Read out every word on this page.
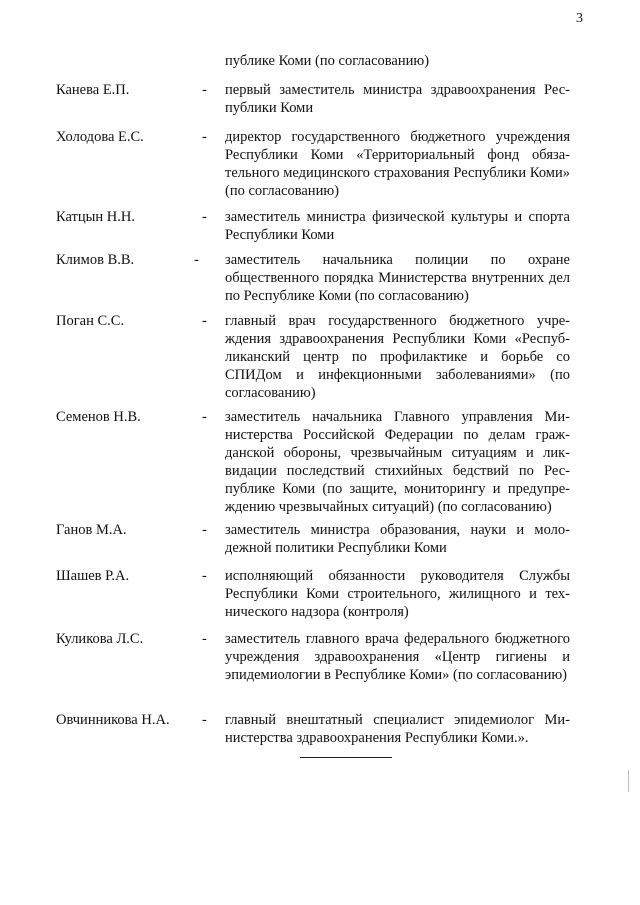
3
публике Коми (по согласованию)
Канева Е.П.	- первый заместитель министра здравоохранения Республики Коми
Холодова Е.С.	- директор государственного бюджетного учреждения Республики Коми «Территориальный фонд обязательного медицинского страхования Республики Коми» (по согласованию)
Катцын Н.Н.	- заместитель министра физической культуры и спорта Республики Коми
Климов В.В.	- заместитель начальника полиции по охране общественного порядка Министерства внутренних дел по Республике Коми (по согласованию)
Поган С.С.	- главный врач государственного бюджетного учреждения здравоохранения Республики Коми «Республиканский центр по профилактике и борьбе со СПИДом и инфекционными заболеваниями» (по согласованию)
Семенов Н.В.	- заместитель начальника Главного управления Министерства Российской Федерации по делам гражданской обороны, чрезвычайным ситуациям и ликвидации последствий стихийных бедствий по Республике Коми (по защите, мониторингу и предупреждению чрезвычайных ситуаций) (по согласованию)
Ганов М.А.	- заместитель министра образования, науки и молодежной политики Республики Коми
Шашев Р.А.	- исполняющий обязанности руководителя Службы Республики Коми строительного, жилищного и технического надзора (контроля)
Куликова Л.С.	- заместитель главного врача федерального бюджетного учреждения здравоохранения «Центр гигиены и эпидемиологии в Республике Коми» (по согласованию)
Овчинникова Н.А. - главный внештатный специалист эпидемиолог Министерства здравоохранения Республики Коми.».
